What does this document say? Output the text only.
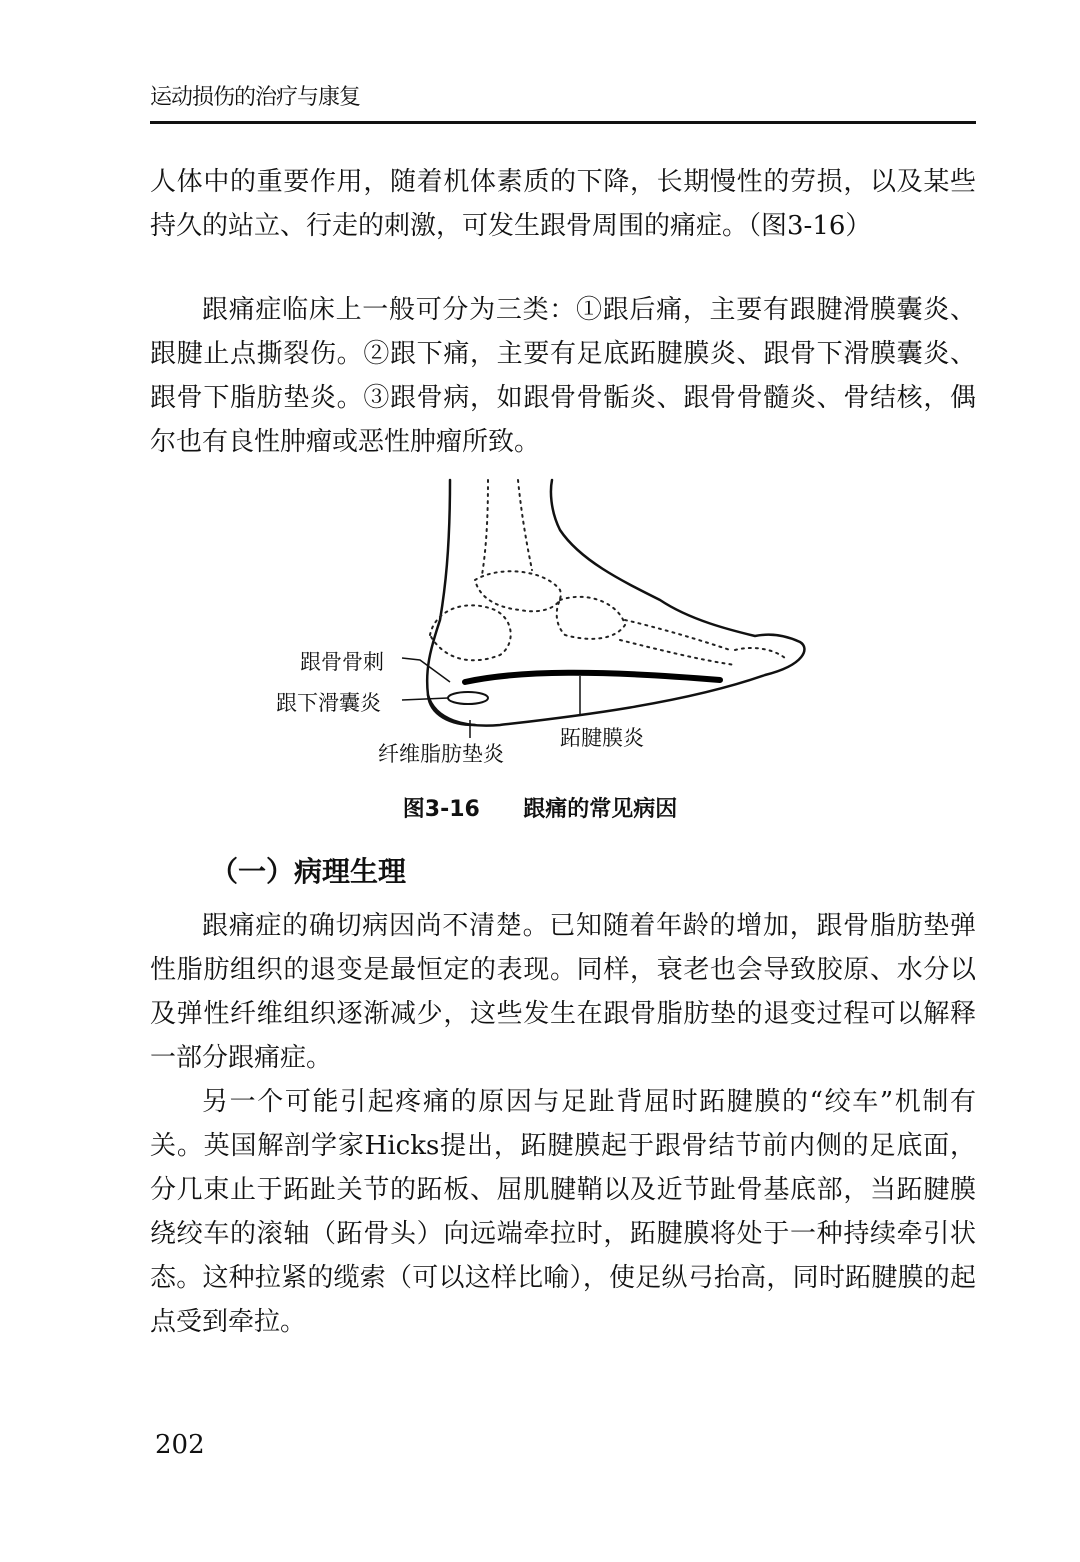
运动损伤的治疗与康复

人体中的重要作用，随着机体素质的下降，长期慢性的劳损，以及某些持久的站立、行走的刺激，可发生跟骨周围的痛症。（图3-16）

跟痛症临床上一般可分为三类：①跟后痛，主要有跟腱滑膜囊炎、跟腱止点撕裂伤。②跟下痛，主要有足底跖腱膜炎、跟骨下滑膜囊炎、跟骨下脂肪垫炎。③跟骨病，如跟骨骨骺炎、跟骨骨髓炎、骨结核，偶尔也有良性肿瘤或恶性肿瘤所致。

跟骨骨刺
跟下滑囊炎
纤维脂肪垫炎
跖腱膜炎
图3-16 跟痛的常见病因
（一）病理生理

跟痛症的确切病因尚不清楚。已知随着年龄的增加，跟骨脂肪垫弹性脂肪组织的退变是最恒定的表现。同样，衰老也会导致胶原、水分以及弹性纤维组织逐渐减少，这些发生在跟骨脂肪垫的退变过程可以解释一部分跟痛症。

另一个可能引起疼痛的原因与足趾背屈时跖腱膜的“绞车”机制有关。英国解剖学家Hicks提出，跖腱膜起于跟骨结节前内侧的足底面，分几束止于跖趾关节的跖板、屈肌腱鞘以及近节趾骨基底部，当跖腱膜绕绞车的滚轴（跖骨头）向远端牵拉时，跖腱膜将处于一种持续牵引状态。这种拉紧的缆索（可以这样比喻），使足纵弓抬高，同时跖腱膜的起点受到牵拉。

202
